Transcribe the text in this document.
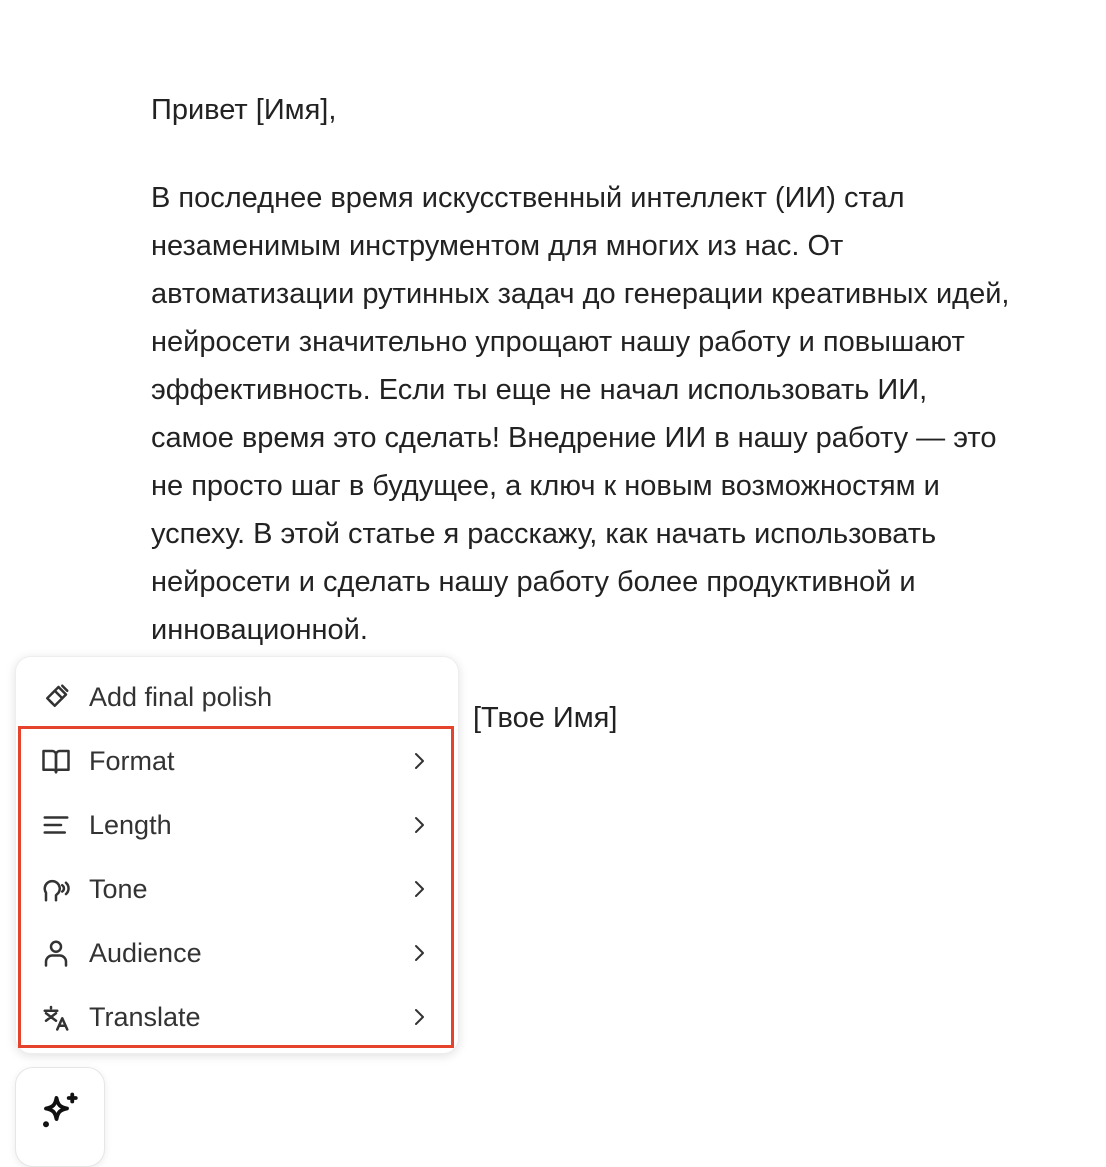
Привет [Имя],

В последнее время искусственный интеллект (ИИ) стал незаменимым инструментом для многих из нас. От автоматизации рутинных задач до генерации креативных идей, нейросети значительно упрощают нашу работу и повышают эффективность. Если ты еще не начал использовать ИИ, самое время это сделать! Внедрение ИИ в нашу работу — это не просто шаг в будущее, а ключ к новым возможностям и успеху. В этой статье я расскажу, как начать использовать нейросети и сделать нашу работу более продуктивной и инновационной.

[Твое Имя]

Add final polish
Format
Length
Tone
Audience
Translate
